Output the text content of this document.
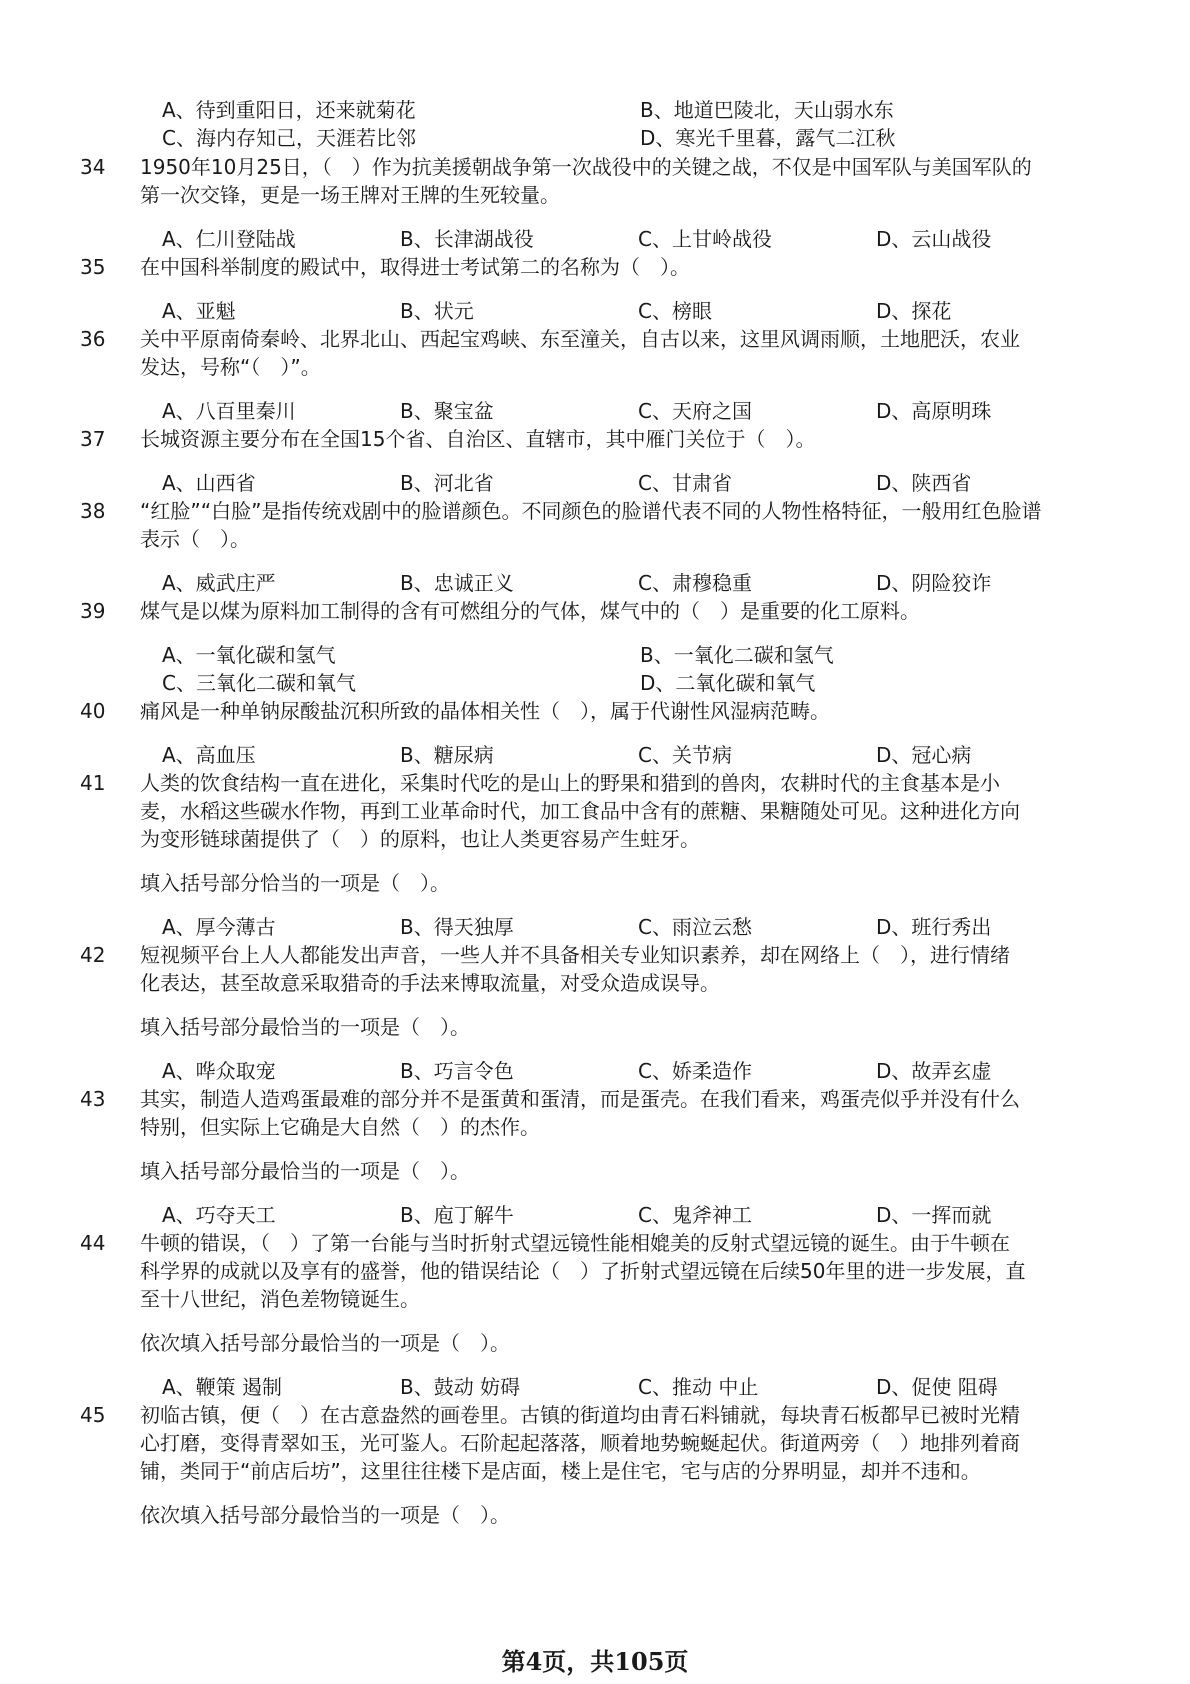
A、待到重阳日，还来就菊花	B、地道巴陵北，天山弱水东
C、海内存知己，天涯若比邻	D、寒光千里暮，露气二江秋
34	1950年10月25日，（　）作为抗美援朝战争第一次战役中的关键之战，不仅是中国军队与美国军队的
第一次交锋，更是一场王牌对王牌的生死较量。
A、仁川登陆战	B、长津湖战役	C、上甘岭战役	D、云山战役
35	在中国科举制度的殿试中，取得进士考试第二的名称为（　）。
A、亚魁	B、状元	C、榜眼	D、探花
36	关中平原南倚秦岭、北界北山、西起宝鸡峡、东至潼关，自古以来，这里风调雨顺，土地肥沃，农业
发达，号称“（　）”。
A、八百里秦川	B、聚宝盆	C、天府之国	D、高原明珠
37	长城资源主要分布在全国15个省、自治区、直辖市，其中雁门关位于（　）。
A、山西省	B、河北省	C、甘肃省	D、陕西省
38	“红脸”“白脸”是指传统戏剧中的脸谱颜色。不同颜色的脸谱代表不同的人物性格特征，一般用红色脸谱
表示（　）。
A、威武庄严	B、忠诚正义	C、肃穆稳重	D、阴险狡诈
39	煤气是以煤为原料加工制得的含有可燃组分的气体，煤气中的（　）是重要的化工原料。
A、一氧化碳和氢气	B、一氧化二碳和氢气
C、三氧化二碳和氧气	D、二氧化碳和氧气
40	痛风是一种单钠尿酸盐沉积所致的晶体相关性（　），属于代谢性风湿病范畴。
A、高血压	B、糖尿病	C、关节病	D、冠心病
41	人类的饮食结构一直在进化，采集时代吃的是山上的野果和猎到的兽肉，农耕时代的主食基本是小
麦，水稻这些碳水作物，再到工业革命时代，加工食品中含有的蔗糖、果糖随处可见。这种进化方向
为变形链球菌提供了（　）的原料，也让人类更容易产生蛀牙。
填入括号部分恰当的一项是（　）。
A、厚今薄古	B、得天独厚	C、雨泣云愁	D、班行秀出
42	短视频平台上人人都能发出声音，一些人并不具备相关专业知识素养，却在网络上（　），进行情绪
化表达，甚至故意采取猎奇的手法来博取流量，对受众造成误导。
填入括号部分最恰当的一项是（　）。
A、哗众取宠	B、巧言令色	C、娇柔造作	D、故弄玄虚
43	其实，制造人造鸡蛋最难的部分并不是蛋黄和蛋清，而是蛋壳。在我们看来，鸡蛋壳似乎并没有什么
特别，但实际上它确是大自然（　）的杰作。
填入括号部分最恰当的一项是（　）。
A、巧夺天工	B、庖丁解牛	C、鬼斧神工	D、一挥而就
44	牛顿的错误，（　）了第一台能与当时折射式望远镜性能相媲美的反射式望远镜的诞生。由于牛顿在
科学界的成就以及享有的盛誉，他的错误结论（　）了折射式望远镜在后续50年里的进一步发展，直
至十八世纪，消色差物镜诞生。
依次填入括号部分最恰当的一项是（　）。
A、鞭策 遏制	B、鼓动 妨碍	C、推动 中止	D、促使 阻碍
45	初临古镇，便（　）在古意盎然的画卷里。古镇的街道均由青石料铺就，每块青石板都早已被时光精
心打磨，变得青翠如玉，光可鉴人。石阶起起落落，顺着地势蜿蜒起伏。街道两旁（　）地排列着商
铺，类同于“前店后坊”，这里往往楼下是店面，楼上是住宅，宅与店的分界明显，却并不违和。
依次填入括号部分最恰当的一项是（　）。
第4页，共105页
